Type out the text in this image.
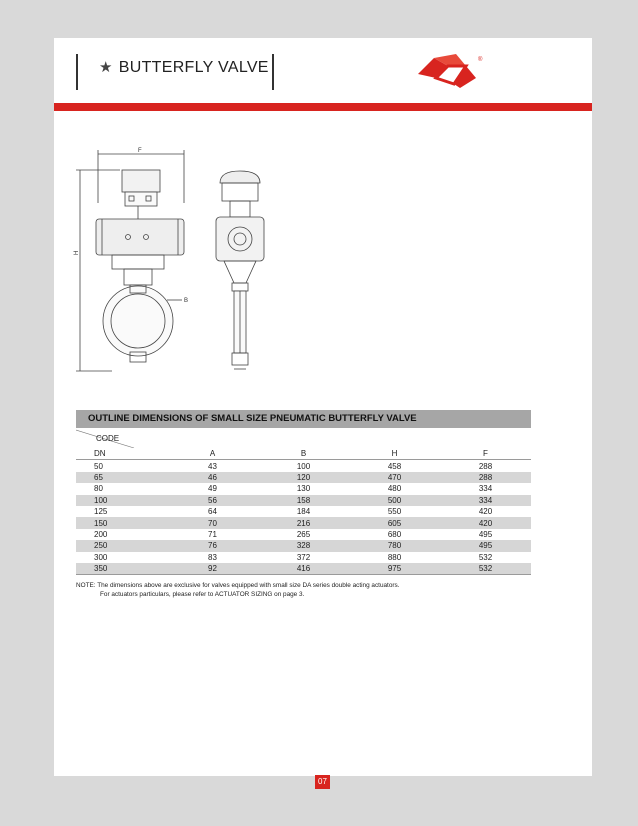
★ BUTTERFLY VALVE	®
F
H
B
OUTLINE DIMENSIONS OF SMALL SIZE PNEUMATIC BUTTERFLY VALVE
CODE
DN	A	B	H	F
50	43	100	458	288
65	46	120	470	288
80	49	130	480	334
100	56	158	500	334
125	64	184	550	420
150	70	216	605	420
200	71	265	680	495
250	76	328	780	495
300	83	372	880	532
350	92	416	975	532
NOTE: The dimensions above are exclusive for valves equipped with small size DA series double acting actuators.
For actuators particulars, please refer to ACTUATOR SIZING on page 3.
07
